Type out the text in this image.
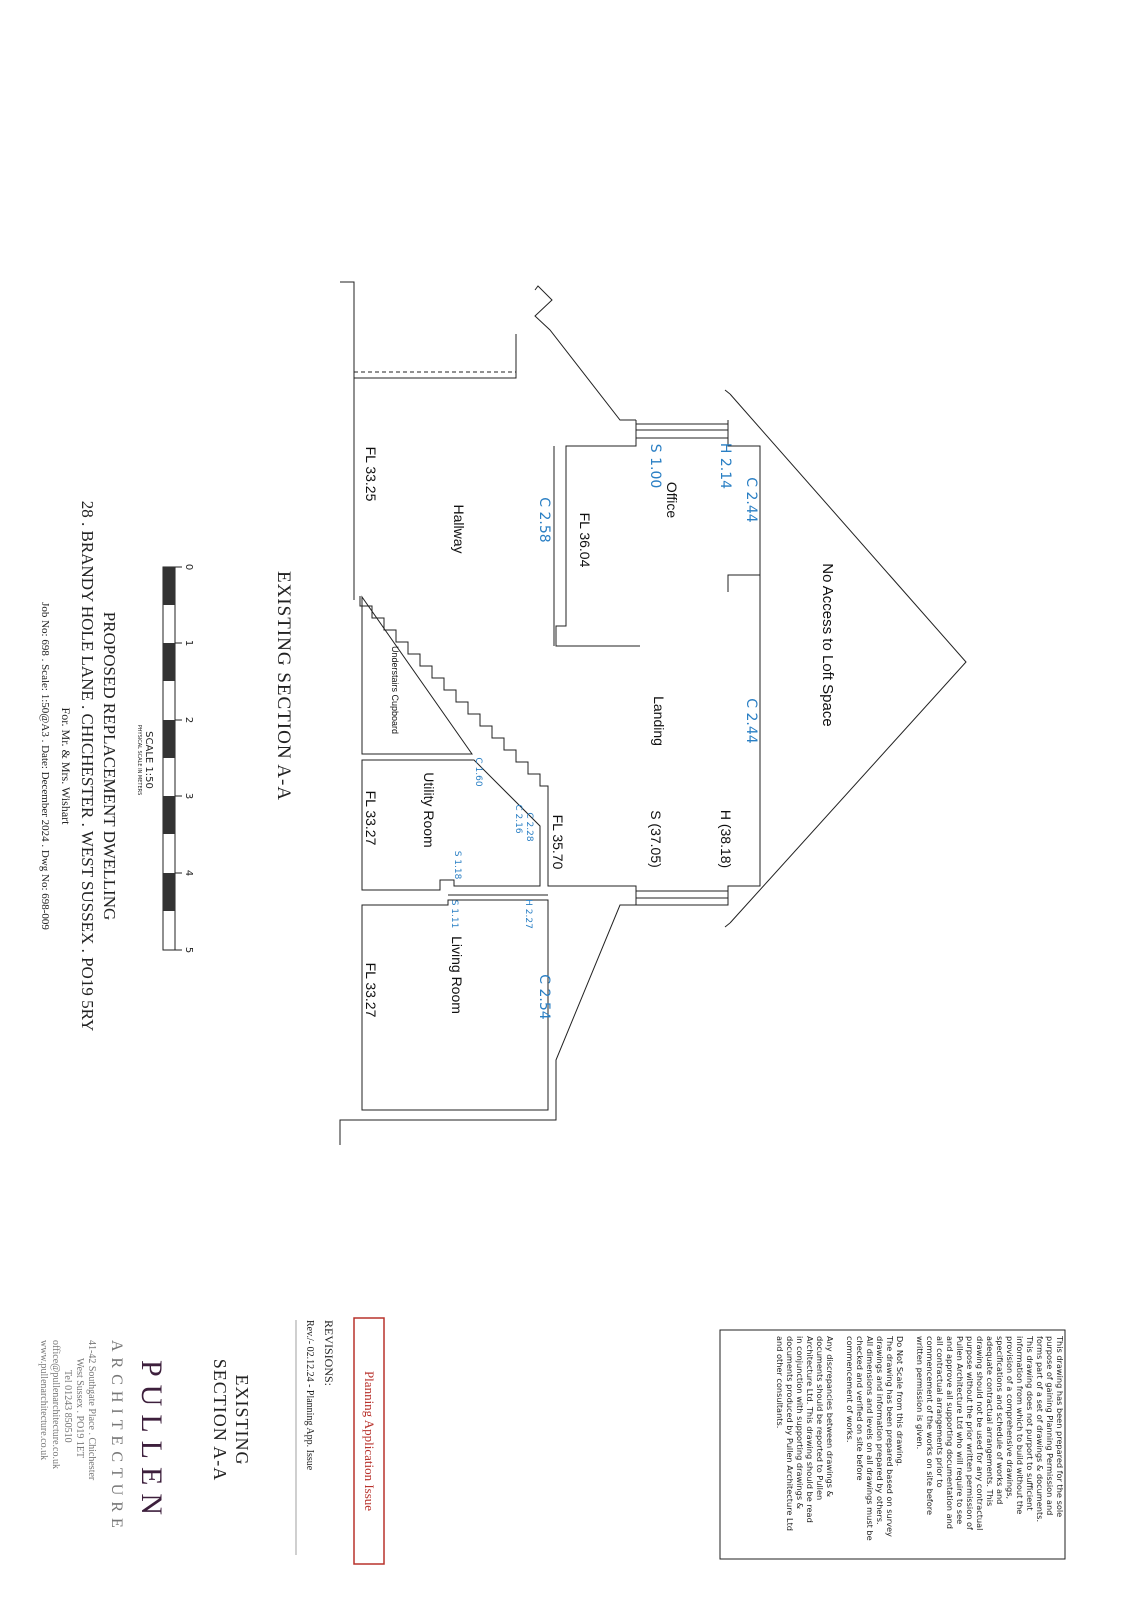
No Access to Loft Space
Office
Landing
Hallway
Understairs Cupboard
Utility Room
Living Room
C 2.44
H 2.14
S 1.00
FL 36.04
C 2.44
H (38.18)
S (37.05)
FL 35.70
C 2.58
FL 33.25
C 1.60
C 2.28
C 2.16
S 1.18
FL 33.27
H 2.27
S 1.11
C 2.54
FL 33.27
EXISTING SECTION A-A
0
1
2
3
4
5
SCALE 1:50
PHYSICAL SCALE IN METERS
PROPOSED REPLACEMENT DWELLING
28 . BRANDY HOLE LANE . CHICHESTER . WEST SUSSEX . PO19 5RY
For. Mr. & Mrs. Wishart
Job No: 698 . Scale: 1:50@A3 . Date: December 2024 . Dwg No: 698-009
This drawing has been prepared for the sole
purpose of gaining Planning Permission and
forms part of a set of drawings & documents.
This drawing does not purport to sufficient
information from which to build without the
provision of a comprehensive drawings,
specifications and schedule of works and
adequate contractual arrangements. This
drawing should not be used for any contractual
purpose without the prior written permission of
Pullen Architecture Ltd who will require to see
and approve all supporting documentation and
all contractual arrangements prior to
commencement of the works on site before
written permission is given.
Do Not Scale from this drawing.
The drawing has been prepared based on survey
drawings and information prepared by others.
All dimensions and levels on all drawings must be
checked and verified on site before
commencement of works.
Any discrepancies between drawings &
documents should be reported to Pullen
Architecture Ltd. This drawing should be read
in conjunction with supporting drawings &
documents produced by Pullen Architecture Ltd
and other consultants.
Planning Application Issue
REVISIONS:
Rev./- 02.12.24 - Planning App. Issue
EXISTING
SECTION A-A
PULLEN
ARCHITECTURE
41-42 Southgate Place . Chichester
West Sussex . PO19 1ET
Tel 01243 850510
office@pullenarchitecture.co.uk
www.pullenarchitecture.co.uk
